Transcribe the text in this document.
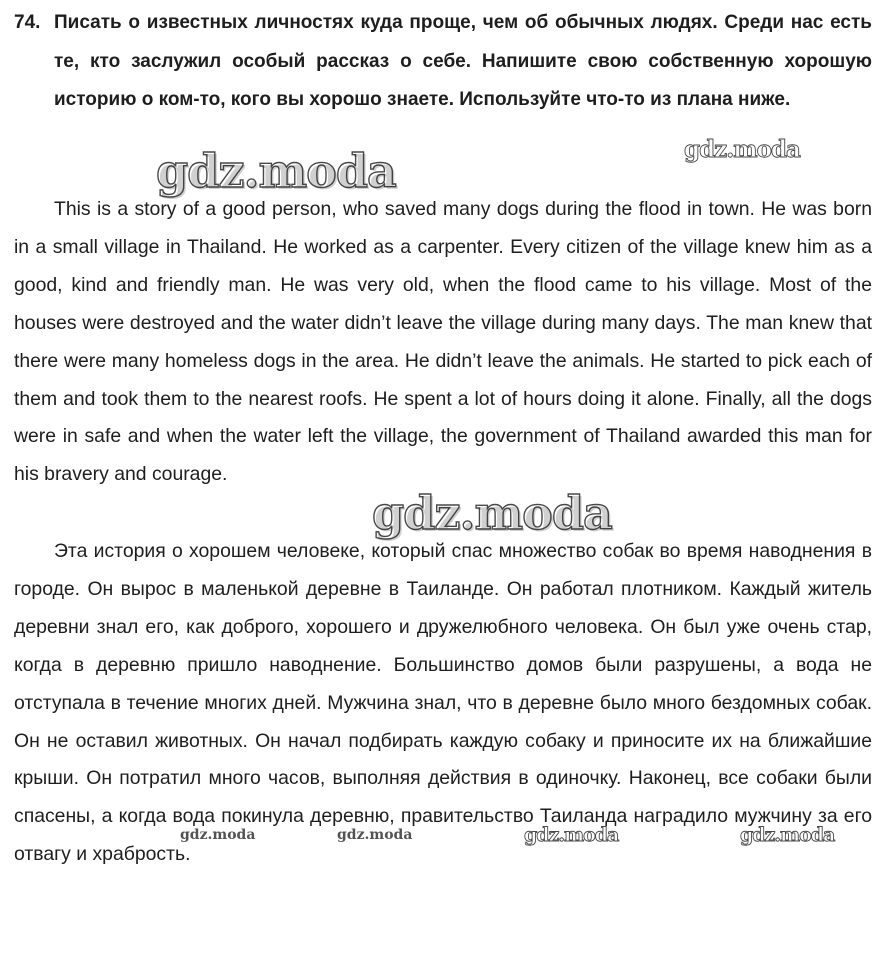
74. Писать о известных личностях куда проще, чем об обычных людях. Среди нас есть те, кто заслужил особый рассказ о себе. Напишите свою собственную хорошую историю о ком-то, кого вы хорошо знаете. Используйте что-то из плана ниже.

This is a story of a good person, who saved many dogs during the flood in town. He was born in a small village in Thailand. He worked as a carpenter. Every citizen of the village knew him as a good, kind and friendly man. He was very old, when the flood came to his village. Most of the houses were destroyed and the water didn’t leave the village during many days. The man knew that there were many homeless dogs in the area. He didn’t leave the animals. He started to pick each of them and took them to the nearest roofs. He spent a lot of hours doing it alone. Finally, all the dogs were in safe and when the water left the village, the government of Thailand awarded this man for his bravery and courage.

Эта история о хорошем человеке, который спас множество собак во время наводнения в городе. Он вырос в маленькой деревне в Таиланде. Он работал плотником. Каждый житель деревни знал его, как доброго, хорошего и дружелюбного человека. Он был уже очень стар, когда в деревню пришло наводнение. Большинство домов были разрушены, а вода не отступала в течение многих дней. Мужчина знал, что в деревне было много бездомных собак. Он не оставил животных. Он начал подбирать каждую собаку и приносите их на ближайшие крыши. Он потратил много часов, выполняя действия в одиночку. Наконец, все собаки были спасены, а когда вода покинула деревню, правительство Таиланда наградило мужчину за его отвагу и храбрость.

gdz.moda	gdz.moda
gdz.moda
gdz.moda	gdz.moda	gdz.moda	gdz.moda
